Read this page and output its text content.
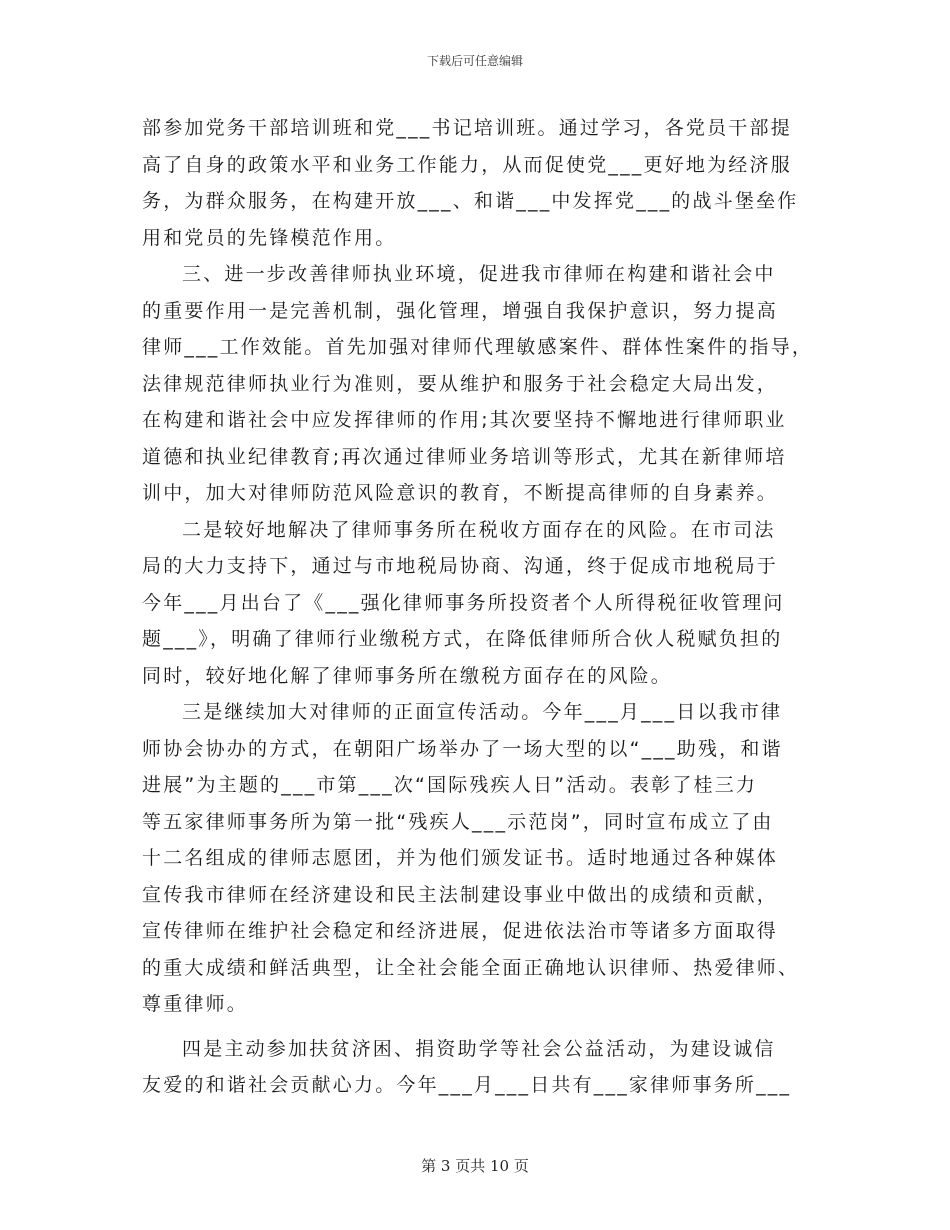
下载后可任意编辑
部参加党务干部培训班和党___书记培训班。通过学习，各党员干部提
高了自身的政策水平和业务工作能力，从而促使党___更好地为经济服
务，为群众服务，在构建开放___、和谐___中发挥党___的战斗堡垒作
用和党员的先锋模范作用。
三、进一步改善律师执业环境，促进我市律师在构建和谐社会中
的重要作用一是完善机制，强化管理，增强自我保护意识，努力提高
律师___工作效能。首先加强对律师代理敏感案件、群体性案件的指导，
法律规范律师执业行为准则，要从维护和服务于社会稳定大局出发，
在构建和谐社会中应发挥律师的作用;其次要坚持不懈地进行律师职业
道德和执业纪律教育;再次通过律师业务培训等形式，尤其在新律师培
训中，加大对律师防范风险意识的教育，不断提高律师的自身素养。
二是较好地解决了律师事务所在税收方面存在的风险。在市司法
局的大力支持下，通过与市地税局协商、沟通，终于促成市地税局于
今年___月出台了《___强化律师事务所投资者个人所得税征收管理问
题___》，明确了律师行业缴税方式，在降低律师所合伙人税赋负担的
同时，较好地化解了律师事务所在缴税方面存在的风险。
三是继续加大对律师的正面宣传活动。今年___月___日以我市律
师协会协办的方式，在朝阳广场举办了一场大型的以“___助残，和谐
进展”为主题的___市第___次“国际残疾人日”活动。表彰了桂三力
等五家律师事务所为第一批“残疾人___示范岗”，同时宣布成立了由
十二名组成的律师志愿团，并为他们颁发证书。适时地通过各种媒体
宣传我市律师在经济建设和民主法制建设事业中做出的成绩和贡献，
宣传律师在维护社会稳定和经济进展，促进依法治市等诸多方面取得
的重大成绩和鲜活典型，让全社会能全面正确地认识律师、热爱律师、
尊重律师。
四是主动参加扶贫济困、捐资助学等社会公益活动，为建设诚信
友爱的和谐社会贡献心力。今年___月___日共有___家律师事务所___
第 3 页共 10 页
